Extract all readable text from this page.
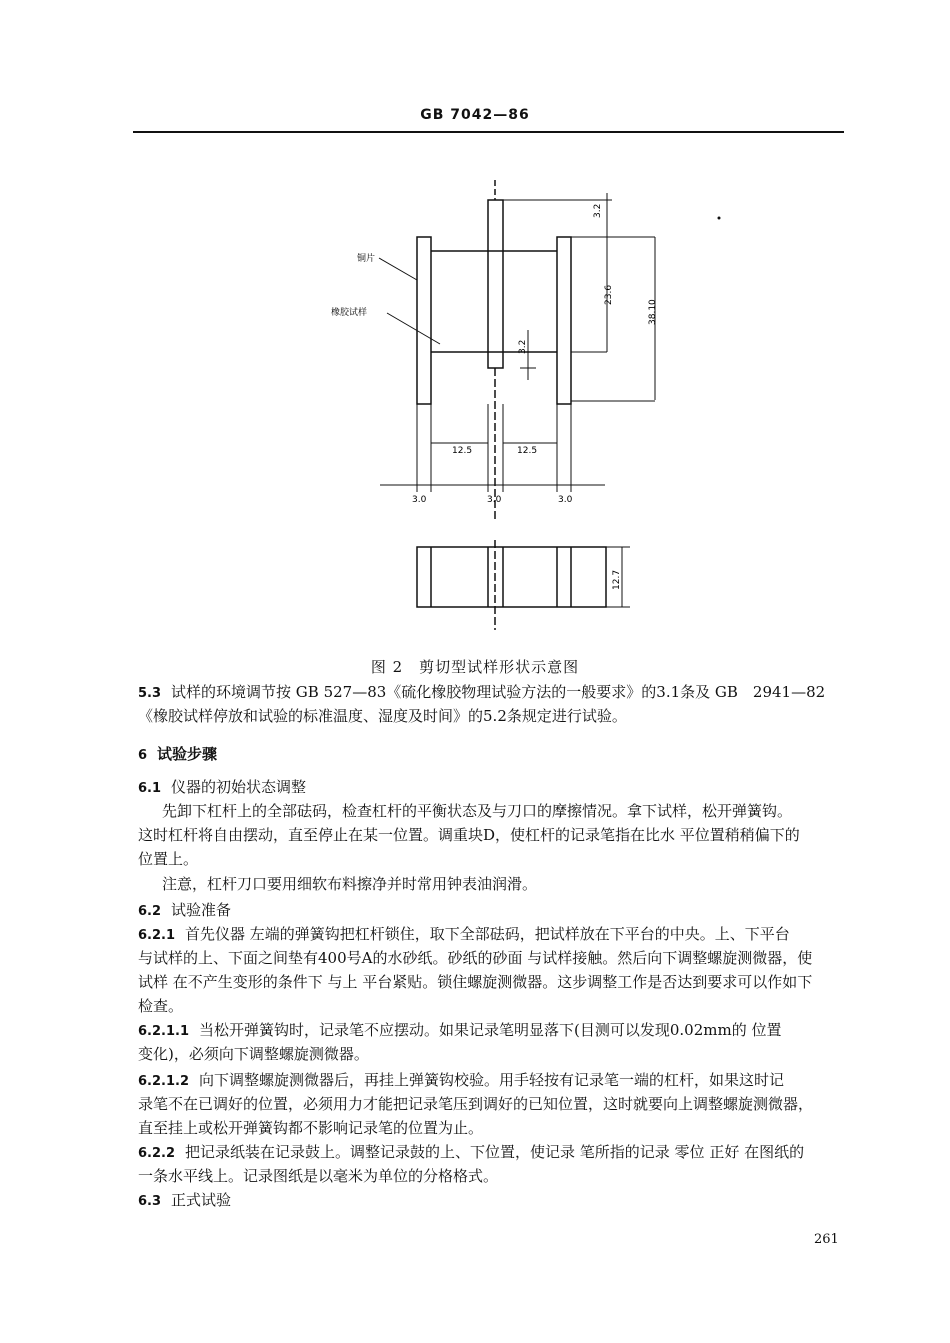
GB 7042—86
铜片
橡胶试样
3.2
23.6
38.10
3.2
12.5	12.5
3.0	3.0	3.0
12.7
图 2　剪切型试样形状示意图
5.3 试样的环境调节按 GB 527—83《硫化橡胶物理试验方法的一般要求》的3.1条及 GB　2941—82
《橡胶试样停放和试验的标准温度、湿度及时间》的5.2条规定进行试验。
6 试验步骤
6.1 仪器的初始状态调整
先卸下杠杆上的全部砝码，检查杠杆的平衡状态及与刀口的摩擦情况。拿下试样，松开弹簧钩。
这时杠杆将自由摆动，直至停止在某一位置。调重块D，使杠杆的记录笔指在比水 平位置稍稍偏下的
位置上。
注意，杠杆刀口要用细软布料擦净并时常用钟表油润滑。
6.2 试验准备
6.2.1 首先仪器 左端的弹簧钩把杠杆锁住，取下全部砝码，把试样放在下平台的中央。上、下平台
与试样的上、下面之间垫有400号A的水砂纸。砂纸的砂面 与试样接触。然后向下调整螺旋测微器，使
试样 在不产生变形的条件下 与上 平台紧贴。锁住螺旋测微器。这步调整工作是否达到要求可以作如下
检查。
6.2.1.1 当松开弹簧钩时，记录笔不应摆动。如果记录笔明显落下(目测可以发现0.02mm的 位置
变化)，必须向下调整螺旋测微器。
6.2.1.2 向下调整螺旋测微器后，再挂上弹簧钩校验。用手轻按有记录笔一端的杠杆，如果这时记
录笔不在已调好的位置，必须用力才能把记录笔压到调好的已知位置，这时就要向上调整螺旋测微器，
直至挂上或松开弹簧钩都不影响记录笔的位置为止。
6.2.2 把记录纸装在记录鼓上。调整记录鼓的上、下位置，使记录 笔所指的记录 零位 正好 在图纸的
一条水平线上。记录图纸是以毫米为单位的分格格式。
6.3 正式试验
261
